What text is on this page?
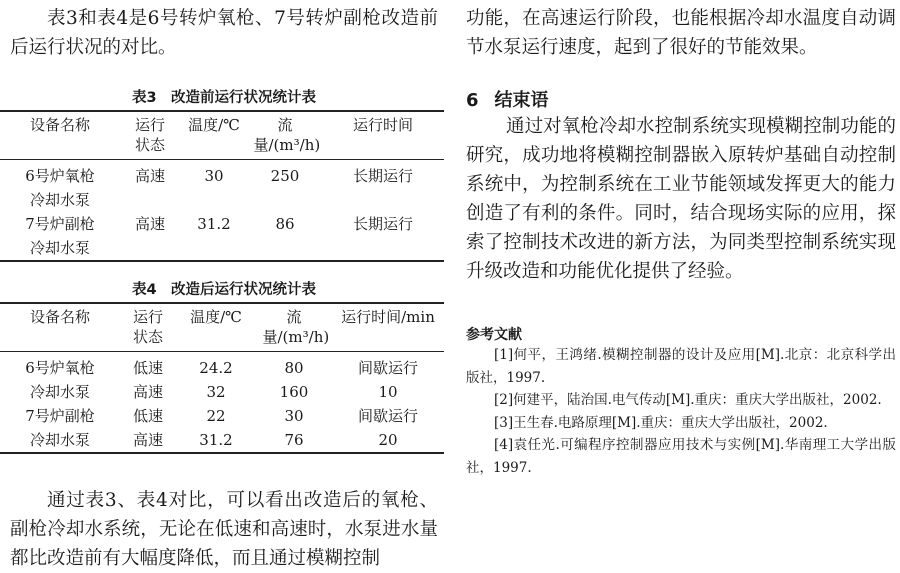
表3和表4是6号转炉氧枪、7号转炉副枪改造前后运行状况的对比。

表3　改造前运行状况统计表
设备名称	运行状态	温度/℃	流量/(m³/h)	运行时间

6号炉氧枪冷却水泵	高速	30	250	长期运行

7号炉副枪冷却水泵	高速	31.2	86	长期运行
表4　改造后运行状况统计表
设备名称	运行状态	温度/℃	流量/(m³/h)	运行时间/min

6号炉氧枪冷却水泵	低速	24.2	80	间歇运行
	高速	32	160	10

7号炉副枪冷却水泵	低速	22	30	间歇运行
	高速	31.2	76	20

通过表3、表4对比，可以看出改造后的氧枪、副枪冷却水系统，无论在低速和高速时，水泵进水量都比改造前有大幅度降低，而且通过模糊控制

功能，在高速运行阶段，也能根据冷却水温度自动调节水泵运行速度，起到了很好的节能效果。

6 结束语

通过对氧枪冷却水控制系统实现模糊控制功能的研究，成功地将模糊控制器嵌入原转炉基础自动控制系统中，为控制系统在工业节能领域发挥更大的能力创造了有利的条件。同时，结合现场实际的应用，探索了控制技术改进的新方法，为同类型控制系统实现升级改造和功能优化提供了经验。

参考文献

[1]何平，王鸿绪.模糊控制器的设计及应用[M].北京：北京科学出版社，1997.

[2]何建平，陆治国.电气传动[M].重庆：重庆大学出版社，2002.

[3]王生春.电路原理[M].重庆：重庆大学出版社，2002.

[4]袁任光.可编程序控制器应用技术与实例[M].华南理工大学出版社，1997.
